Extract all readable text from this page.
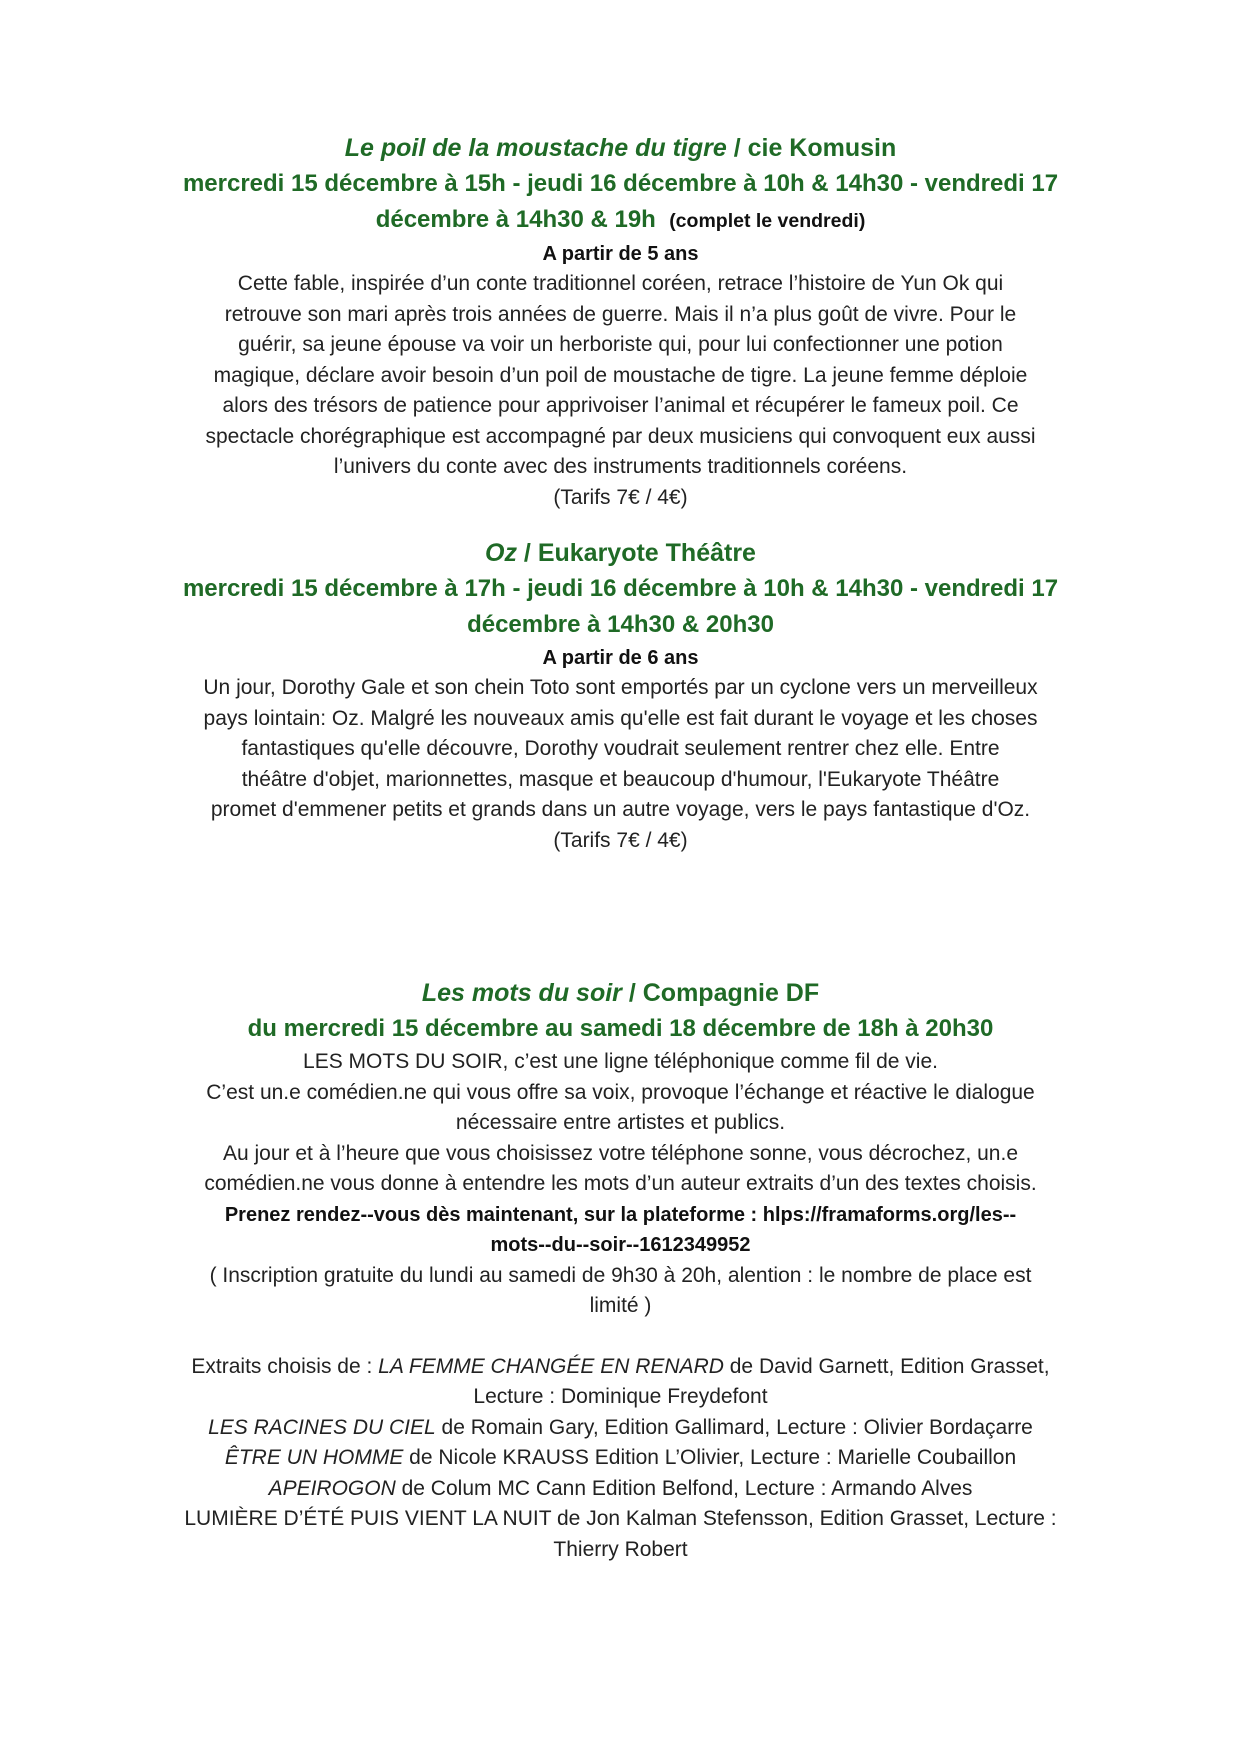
Le poil de la moustache du tigre / cie Komusin
mercredi 15 décembre à 15h - jeudi 16 décembre à 10h & 14h30 - vendredi 17
décembre à 14h30 & 19h (complet le vendredi)
A partir de 5 ans
Cette fable, inspirée d’un conte traditionnel coréen, retrace l’histoire de Yun Ok qui
retrouve son mari après trois années de guerre. Mais il n’a plus goût de vivre. Pour le
guérir, sa jeune épouse va voir un herboriste qui, pour lui confectionner une potion
magique, déclare avoir besoin d’un poil de moustache de tigre. La jeune femme déploie
alors des trésors de patience pour apprivoiser l’animal et récupérer le fameux poil. Ce
spectacle chorégraphique est accompagné par deux musiciens qui convoquent eux aussi
l’univers du conte avec des instruments traditionnels coréens.
(Tarifs 7€ / 4€)
Oz / Eukaryote Théâtre
mercredi 15 décembre à 17h - jeudi 16 décembre à 10h & 14h30 - vendredi 17
décembre à 14h30 & 20h30
A partir de 6 ans
Un jour, Dorothy Gale et son chein Toto sont emportés par un cyclone vers un merveilleux
pays lointain: Oz. Malgré les nouveaux amis qu'elle est fait durant le voyage et les choses
fantastiques qu'elle découvre, Dorothy voudrait seulement rentrer chez elle. Entre
théâtre d'objet, marionnettes, masque et beaucoup d'humour, l'Eukaryote Théâtre
promet d'emmener petits et grands dans un autre voyage, vers le pays fantastique d'Oz.
(Tarifs 7€ / 4€)
Les mots du soir / Compagnie DF
du mercredi 15 décembre au samedi 18 décembre de 18h à 20h30
LES MOTS DU SOIR, c’est une ligne téléphonique comme fil de vie.
C’est un.e comédien.ne qui vous offre sa voix, provoque l’échange et réactive le dialogue
nécessaire entre artistes et publics.
Au jour et à l’heure que vous choisissez votre téléphone sonne, vous décrochez, un.e
comédien.ne vous donne à entendre les mots d’un auteur extraits d’un des textes choisis.
Prenez rendez--vous dès maintenant, sur la plateforme : hlps://framaforms.org/les--
mots--du--soir--1612349952
( Inscription gratuite du lundi au samedi de 9h30 à 20h, alention : le nombre de place est
limité )
Extraits choisis de : LA FEMME CHANGÉE EN RENARD de David Garnett, Edition Grasset,
Lecture : Dominique Freydefont
LES RACINES DU CIEL de Romain Gary, Edition Gallimard, Lecture : Olivier Bordaçarre
ÊTRE UN HOMME de Nicole KRAUSS Edition L’Olivier, Lecture : Marielle Coubaillon
APEIROGON de Colum MC Cann Edition Belfond, Lecture : Armando Alves
LUMIÈRE D’ÉTÉ PUIS VIENT LA NUIT de Jon Kalman Stefensson, Edition Grasset, Lecture :
Thierry Robert
